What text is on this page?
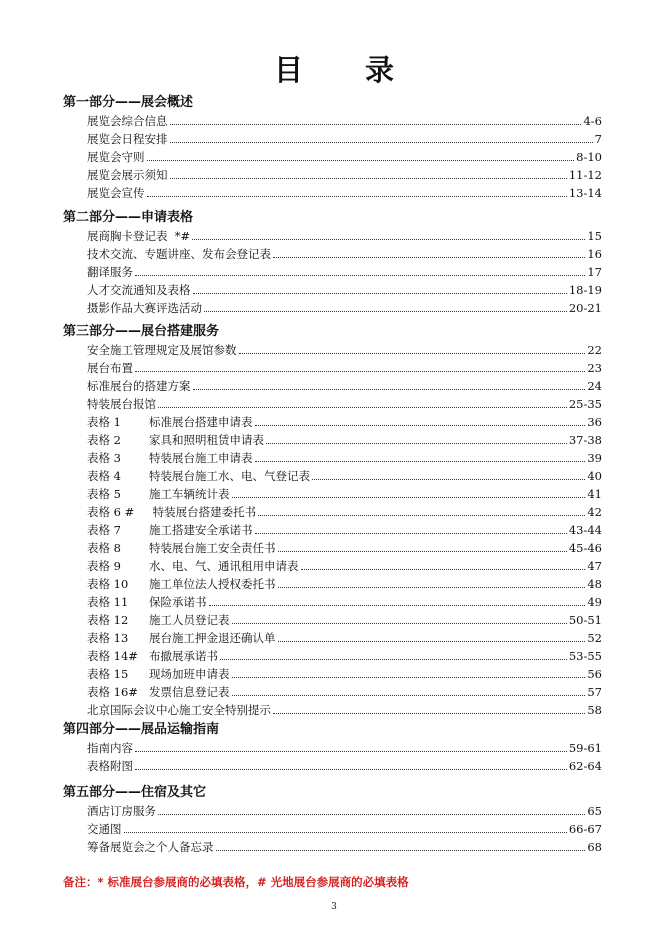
目 录
第一部分——展会概述
展览会综合信息	4-6
展览会日程安排	7
展览会守则	8-10
展览会展示须知	11-12
展览会宣传	13-14
第二部分——申请表格
展商胸卡登记表  *#	15
技术交流、专题讲座、发布会登记表	16
翻译服务	17
人才交流通知及表格	18-19
摄影作品大赛评选活动	20-21
第三部分——展台搭建服务
安全施工管理规定及展馆参数	22
展台布置	23
标准展台的搭建方案	24
特装展台报馆	25-35
表格 1	标准展台搭建申请表	36
表格 2	家具和照明租赁申请表	37-38
表格 3	特装展台施工申请表	39
表格 4	特装展台施工水、电、气登记表	40
表格 5	施工车辆统计表	41
表格 6 #	特装展台搭建委托书	42
表格 7	施工搭建安全承诺书	43-44
表格 8	特装展台施工安全责任书	45-46
表格 9	水、电、气、通讯租用申请表	47
表格 10	施工单位法人授权委托书	48
表格 11	保险承诺书	49
表格 12	施工人员登记表	50-51
表格 13	展台施工押金退还确认单	52
表格 14# 布撤展承诺书	53-55
表格 15	现场加班申请表	56
表格 16# 发票信息登记表	57
北京国际会议中心施工安全特别提示	58
第四部分——展品运输指南
指南内容	59-61
表格附图	62-64
第五部分——住宿及其它
酒店订房服务	65
交通图	66-67
筹备展览会之个人备忘录	68
备注：* 标准展台参展商的必填表格，# 光地展台参展商的必填表格
3
